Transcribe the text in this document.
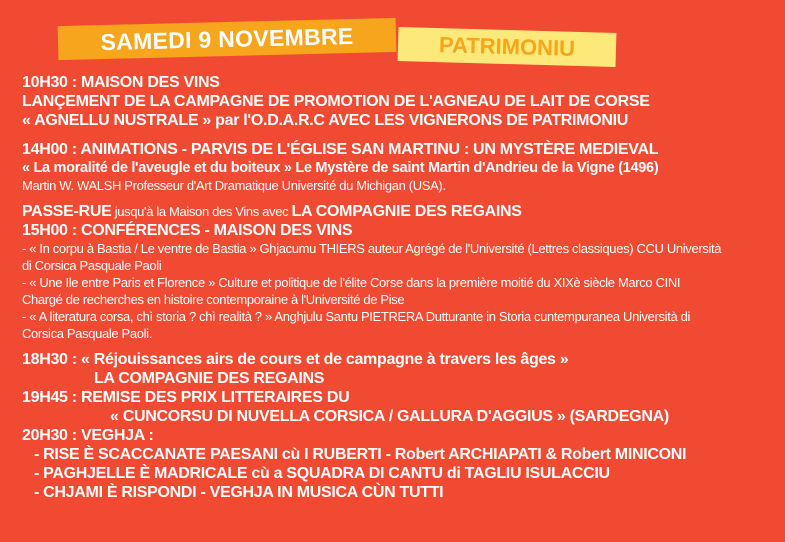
SAMEDI 9 NOVEMBRE	PATRIMONIU
10H30 : MAISON DES VINS
LANÇEMENT DE LA CAMPAGNE DE PROMOTION DE L'AGNEAU DE LAIT DE CORSE
« AGNELLU NUSTRALE » par l'O.D.A.R.C AVEC LES VIGNERONS DE PATRIMONIU
14H00 : ANIMATIONS - PARVIS DE L'ÉGLISE SAN MARTINU : UN MYSTÈRE MEDIEVAL
« La moralité de l'aveugle et du boiteux » Le Mystère de saint Martin d'Andrieu de la Vigne (1496)
Martin W. WALSH Professeur d'Art Dramatique Université du Michigan (USA).
PASSE-RUE jusqu'à la Maison des Vins avec LA COMPAGNIE DES REGAINS
15H00 : CONFÉRENCES - MAISON DES VINS
- « In corpu à Bastia / Le ventre de Bastia » Ghjacumu THIERS auteur Agrégé de l'Université (Lettres classiques) CCU Università
di Corsica Pasquale Paoli
- « Une Ile entre Paris et Florence » Culture et politique de l'élite Corse dans la première moitié du XIXè siècle Marco CINI
Chargé de recherches en histoire contemporaine à l'Université de Pise
- « A literatura corsa, chì storia ? chì realità ? » Anghjulu Santu PIETRERA Dutturante in Storia cuntempuranea Università di
Corsica Pasquale Paoli.
18H30 : « Réjouissances airs de cours et de campagne à travers les âges »
LA COMPAGNIE DES REGAINS
19H45 : REMISE DES PRIX LITTERAIRES DU
« CUNCORSU DI NUVELLA CORSICA / GALLURA D'AGGIUS » (SARDEGNA)
20H30 : VEGHJA :
- RISE È SCACCANATE PAESANI cù I RUBERTI - Robert ARCHIAPATI & Robert MINICONI
- PAGHJELLE È MADRICALE cù a SQUADRA DI CANTU di TAGLIU ISULACCIU
- CHJAMI È RISPONDI - VEGHJA IN MUSICA CÙN TUTTI
